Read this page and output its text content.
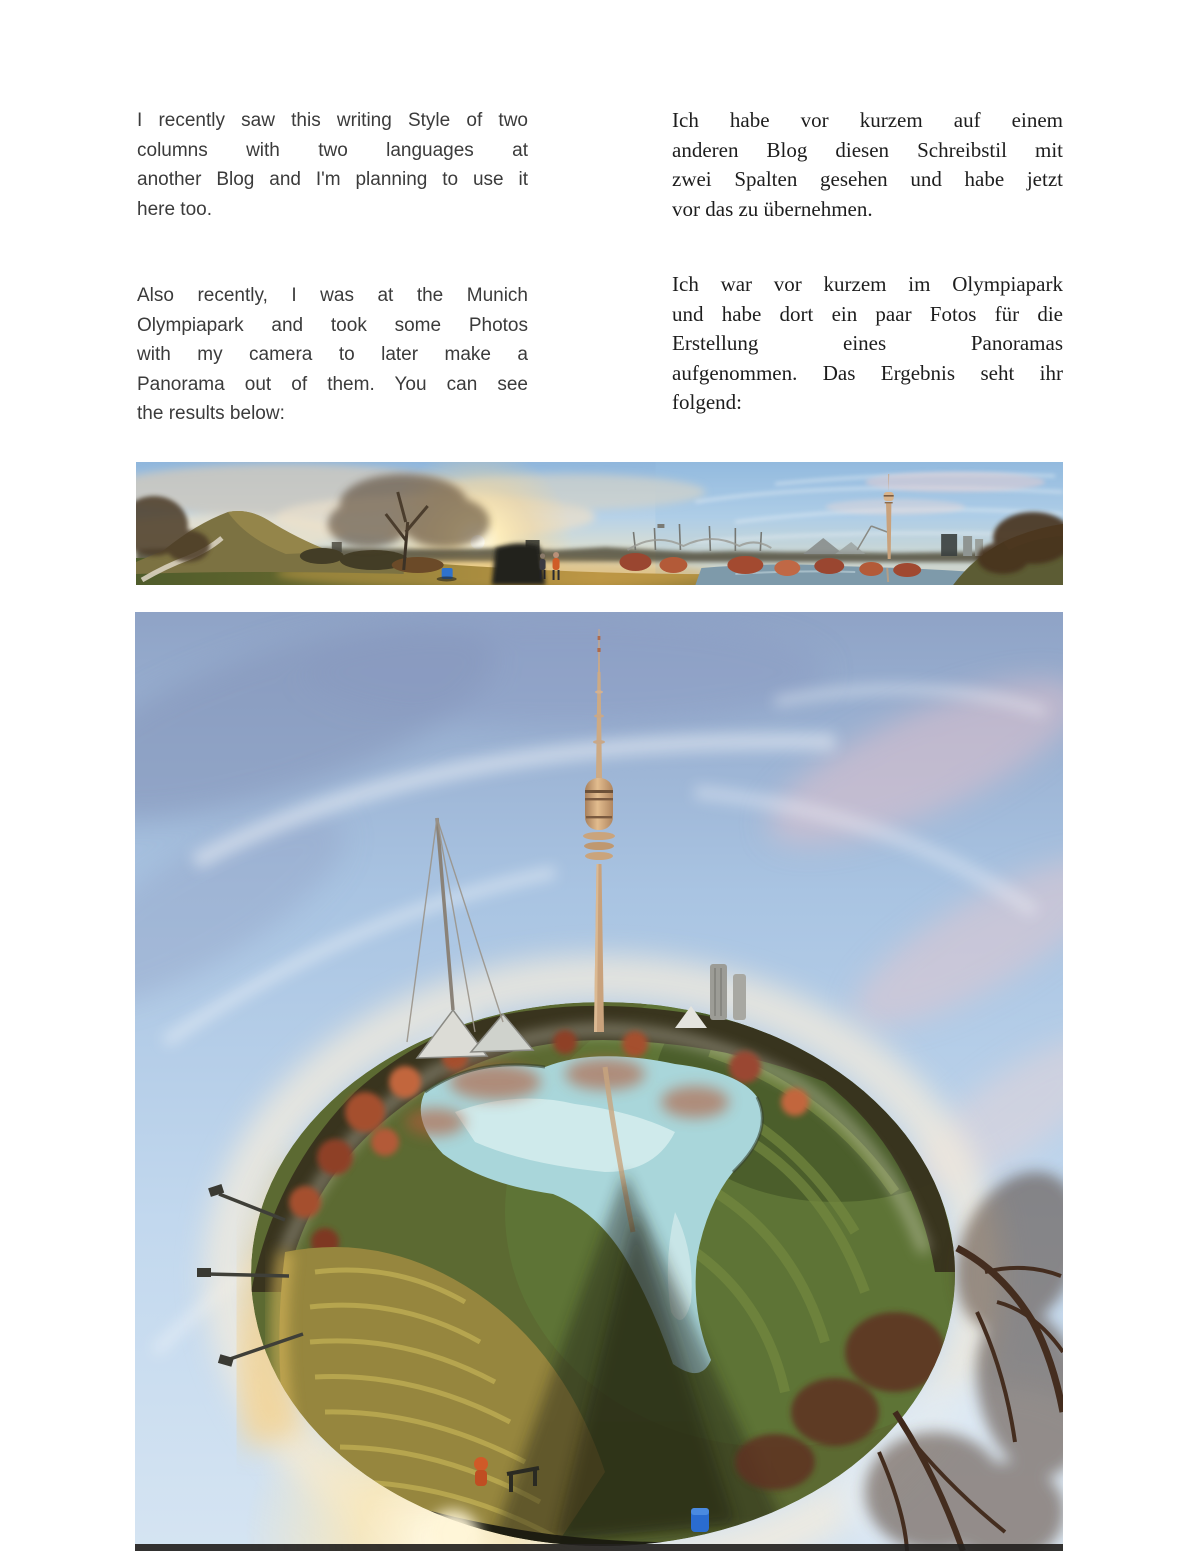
I recently saw this writing Style of two
columns with two languages at
another Blog and I'm planning to use it
here too.

Also recently, I was at the Munich
Olympiapark and took some Photos
with my camera to later make a
Panorama out of them. You can see
the results below:

Ich habe vor kurzem auf einem
anderen Blog diesen Schreibstil mit
zwei Spalten gesehen und habe jetzt
vor das zu übernehmen.

Ich war vor kurzem im Olympiapark
und habe dort ein paar Fotos für die
Erstellung eines Panoramas
aufgenommen. Das Ergebnis seht ihr
folgend:
